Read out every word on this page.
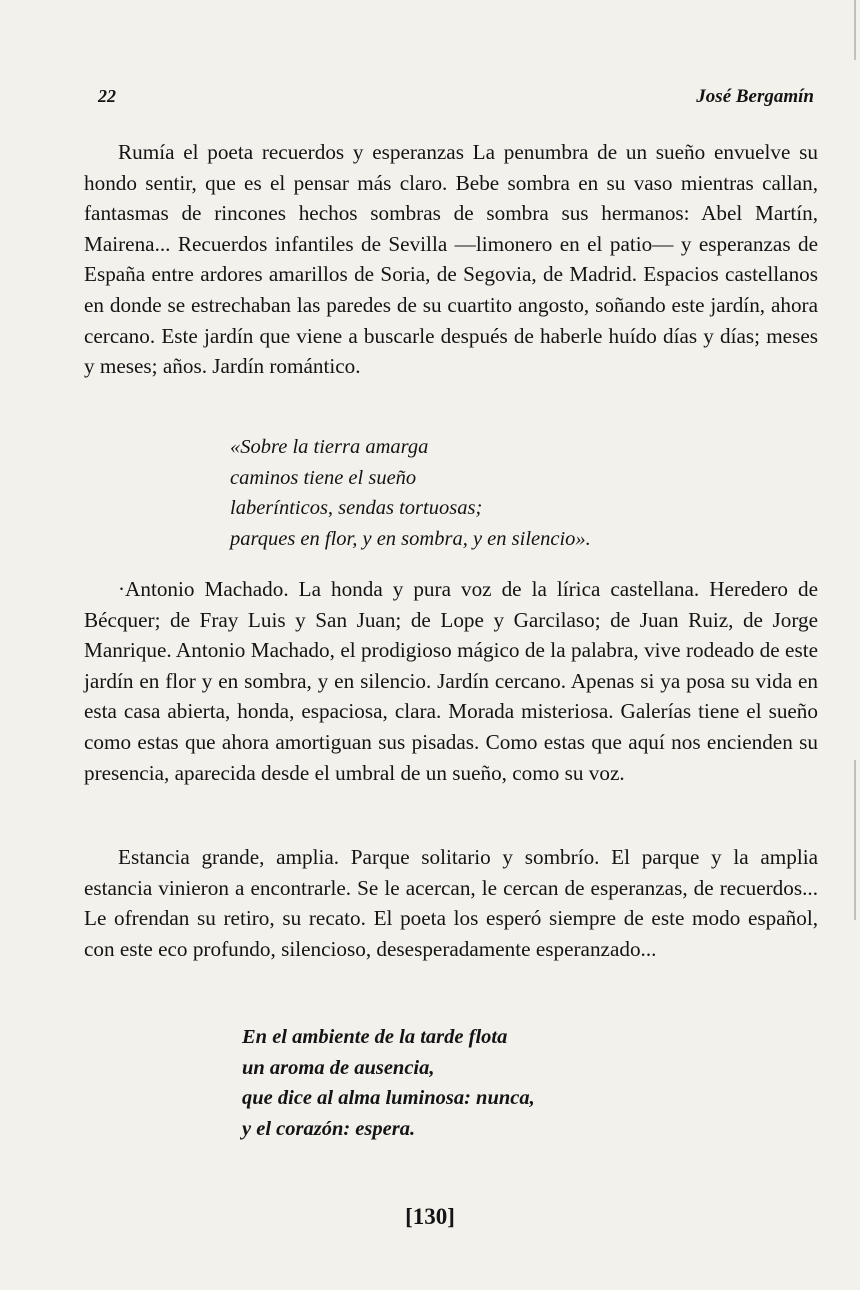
22	José Bergamín

Rumía el poeta recuerdos y esperanzas La penumbra de un sueño envuelve su hondo sentir, que es el pensar más claro. Bebe sombra en su vaso mientras callan, fantasmas de rincones hechos sombras de sombra sus hermanos: Abel Martín, Mairena... Recuerdos infantiles de Sevilla —limonero en el patio— y esperanzas de España entre ardores amarillos de Soria, de Segovia, de Madrid. Espacios castellanos en donde se estrechaban las paredes de su cuartito angosto, soñando este jardín, ahora cercano. Este jardín que viene a buscarle después de haberle huído días y días; meses y meses; años. Jardín romántico.

«Sobre la tierra amarga
caminos tiene el sueño
laberínticos, sendas tortuosas;
parques en flor, y en sombra, y en silencio».

·Antonio Machado. La honda y pura voz de la lírica castellana. Heredero de Bécquer; de Fray Luis y San Juan; de Lope y Garcilaso; de Juan Ruiz, de Jorge Manrique. Antonio Machado, el prodigioso mágico de la palabra, vive rodeado de este jardín en flor y en sombra, y en silencio. Jardín cercano. Apenas si ya posa su vida en esta casa abierta, honda, espaciosa, clara. Morada misteriosa. Galerías tiene el sueño como estas que ahora amortiguan sus pisadas. Como estas que aquí nos encienden su presencia, aparecida desde el umbral de un sueño, como su voz.

Estancia grande, amplia. Parque solitario y sombrío. El parque y la amplia estancia vinieron a encontrarle. Se le acercan, le cercan de esperanzas, de recuerdos... Le ofrendan su retiro, su recato. El poeta los esperó siempre de este modo español, con este eco profundo, silencioso, desesperadamente esperanzado...

En el ambiente de la tarde flota
un aroma de ausencia,
que dice al alma luminosa: nunca,
y el corazón: espera.
[130]
